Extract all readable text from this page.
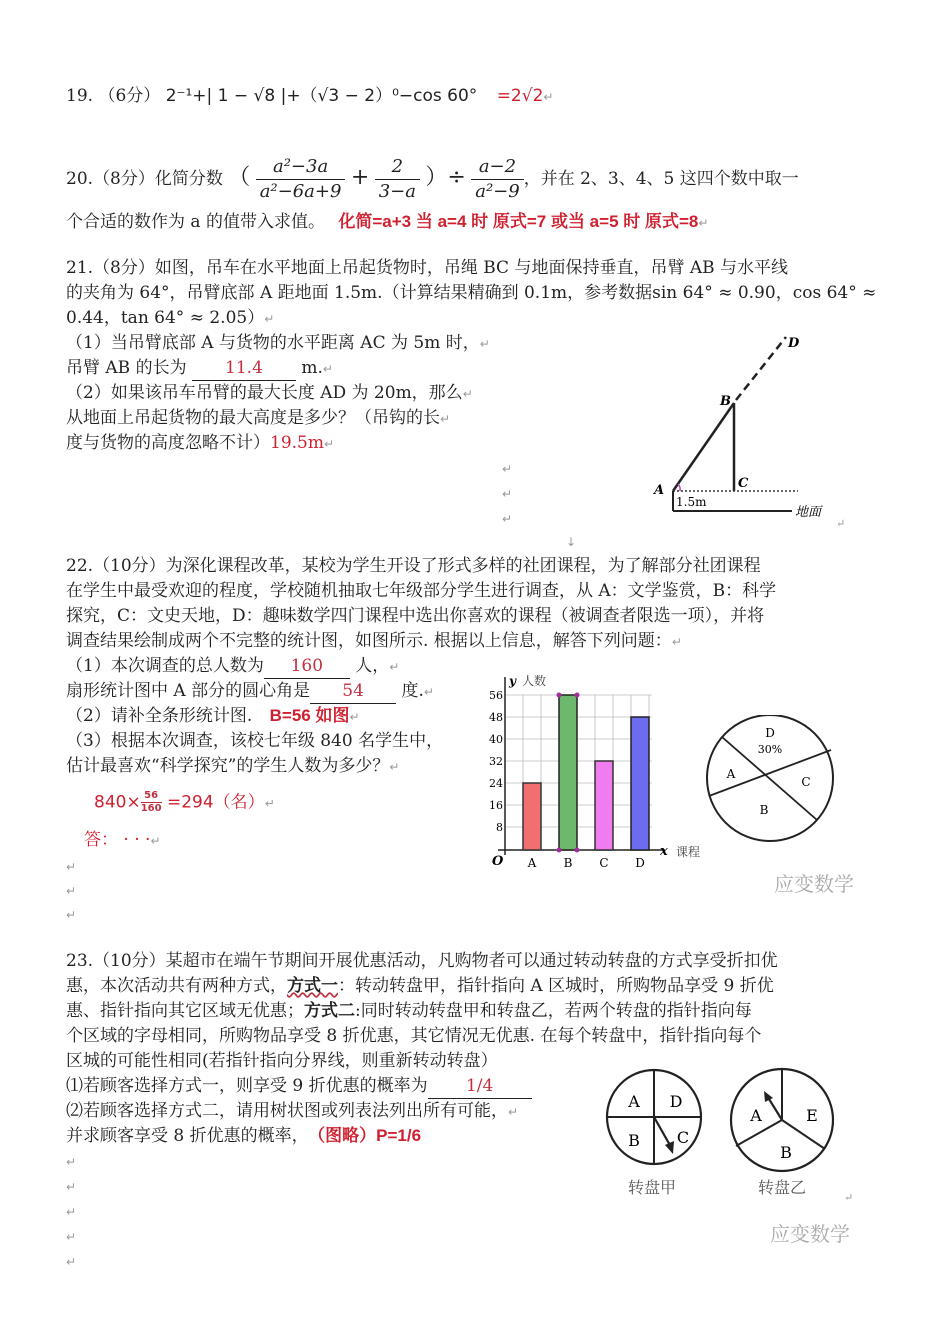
19. （6分） 2⁻¹+| 1 − √8 |+（√3 − 2）⁰−cos 60° =2√2↵
20.（8分）化简分数 （ $\frac{\text{a²−3a}}{\text{a²−6a+9}} + \frac{2}{3-a}$ ）÷ $\frac{a-2}{\text{a²−9}}$ ，并在 2、3、4、5 这四个数中取一
个合适的数作为 a 的值带入求值。 化简=a+3 当 a=4 时 原式=7 或当 a=5 时 原式=8↵
21.（8分）如图，吊车在水平地面上吊起货物时，吊绳 BC 与地面保持垂直，吊臂 AB 与水平线
的夹角为 64°，吊臂底部 A 距地面 1.5m.（计算结果精确到 0.1m，参考数据sin 64° ≈ 0.90，cos 64° ≈
0.44，tan 64° ≈ 2.05）↵
（1）当吊臂底部 A 与货物的水平距离 AC 为 5m 时，↵
吊臂 AB 的长为 11.4 m.↵
（2）如果该吊车吊臂的最大长度 AD 为 20m，那么↵
从地面上吊起货物的最大高度是多少？（吊钩的长↵
度与货物的高度忽略不计）19.5m↵
↵
↵
↵
↓
A
B
C
D
1.5m
地面
↵
22.（10分）为深化课程改革，某校为学生开设了形式多样的社团课程，为了解部分社团课程
在学生中最受欢迎的程度，学校随机抽取七年级部分学生进行调查，从 A：文学鉴赏，B：科学
探究，C：文史天地，D：趣味数学四门课程中选出你喜欢的课程（被调查者限选一项），并将
调查结果绘制成两个不完整的统计图，如图所示. 根据以上信息，解答下列问题：↵
（1）本次调查的总人数为 160 人，↵
扇形统计图中 A 部分的圆心角是 54 度.↵
（2）请补全条形统计图. B=56 如图↵
（3）根据本次调查，该校七年级 840 名学生中，
估计最喜欢“科学探究”的学生人数为多少？↵
$840\times \frac{56}{160} =294$（名）↵
答： · · ·↵
↵
↵
↵
56
48
40
32
24
16
8
A B C D
O
y 人数
x 课程
D
30%
A
C
B
应变数学
23.（10分）某超市在端午节期间开展优惠活动，凡购物者可以通过转动转盘的方式享受折扣优
惠，本次活动共有两种方式，方式一：转动转盘甲，指针指向 A 区城时，所购物品享受 9 折优
惠、指针指向其它区域无优惠；方式二:同时转动转盘甲和转盘乙，若两个转盘的指针指向每
个区域的字母相同，所购物品享受 8 折优惠，其它情况无优惠. 在每个转盘中，指针指向每个
区城的可能性相同(若指针指向分界线，则重新转动转盘）
⑴若顾客选择方式一，则享受 9 折优惠的概率为 1/4
⑵若顾客选择方式二，请用树状图或列表法列出所有可能，↵
并求顾客享受 8 折优惠的概率， （图略）P=1/6
↵
↵
↵
↵
↵
A D
B C
转盘甲
A	E
B
转盘乙
↵
应变数学
